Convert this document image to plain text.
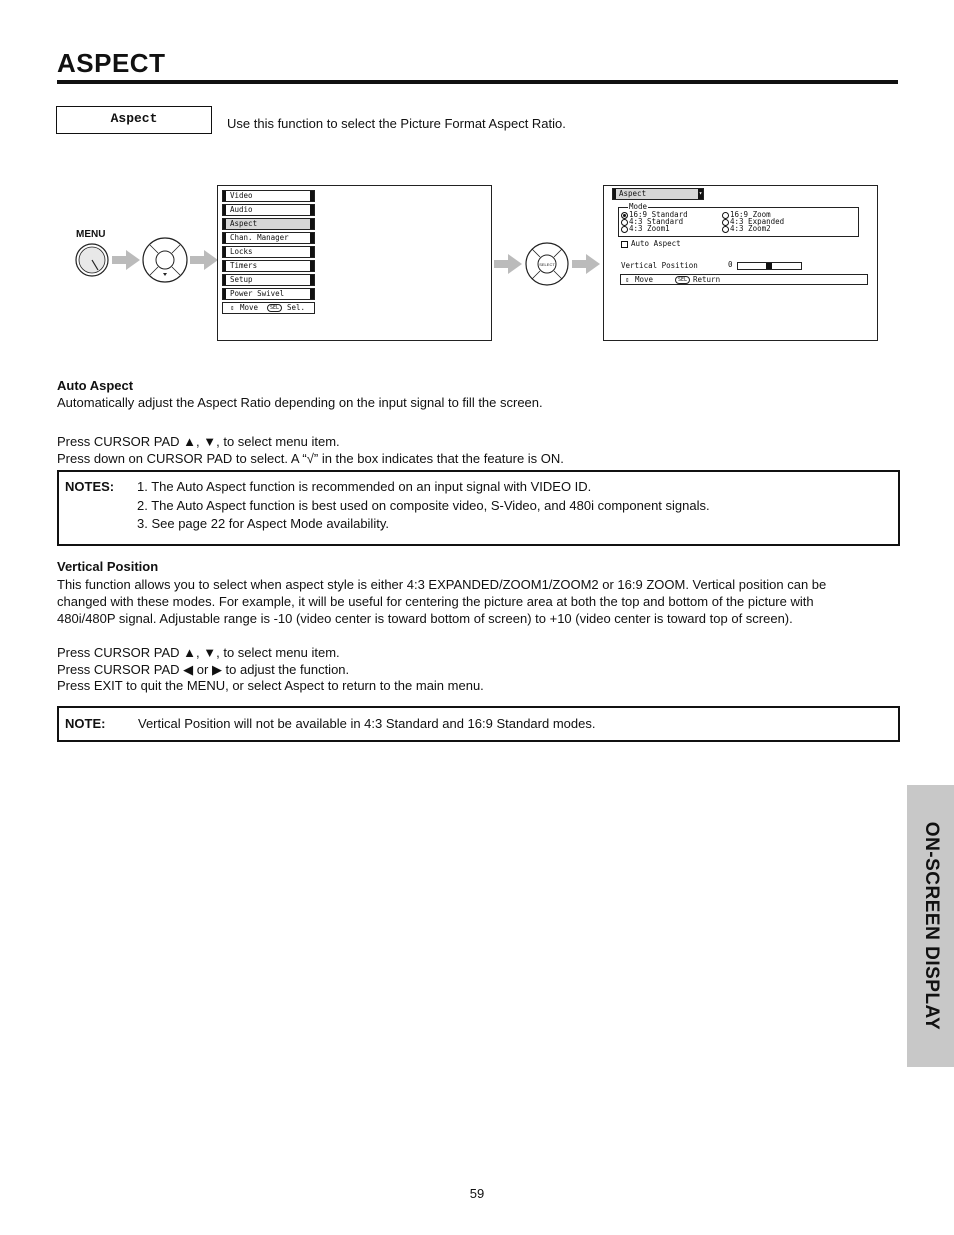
ASPECT
Aspect	Use this function to select the Picture Format Aspect Ratio.
MENU
Video
Audio
Aspect
Chan. Manager
Locks
Timers
Setup
Power Swivel
⇕ Move	SEL	Sel.
SELECT
Aspect	▾
Mode
16:9 Standard
4:3 Standard
4:3 Zoom1
16:9 Zoom
4:3 Expanded
4:3 Zoom2
Auto Aspect
Vertical Position	0
⇕ Move	SEL Return

Auto Aspect

Automatically adjust the Aspect Ratio depending on the input signal to fill the screen.

Press CURSOR PAD ▲, ▼, to select menu item.

Press down on CURSOR PAD to select. A “√” in the box indicates that the feature is ON.

NOTES: 1. The Auto Aspect function is recommended on an input signal with VIDEO ID.

2. The Auto Aspect function is best used on composite video, S-Video, and 480i component signals.

3. See page 22 for Aspect Mode availability.

Vertical Position

This function allows you to select when aspect style is either 4:3 EXPANDED/ZOOM1/ZOOM2 or 16:9 ZOOM. Vertical position can be

changed with these modes. For example, it will be useful for centering the picture area at both the top and bottom of the picture with

480i/480P signal. Adjustable range is -10 (video center is toward bottom of screen) to +10 (video center is toward top of screen).

Press CURSOR PAD ▲, ▼, to select menu item.

Press CURSOR PAD ◀ or ▶ to adjust the function.

Press EXIT to quit the MENU, or select Aspect to return to the main menu.

NOTE:	Vertical Position will not be available in 4:3 Standard and 16:9 Standard modes.

ON-SCREEN DISPLAY
59
